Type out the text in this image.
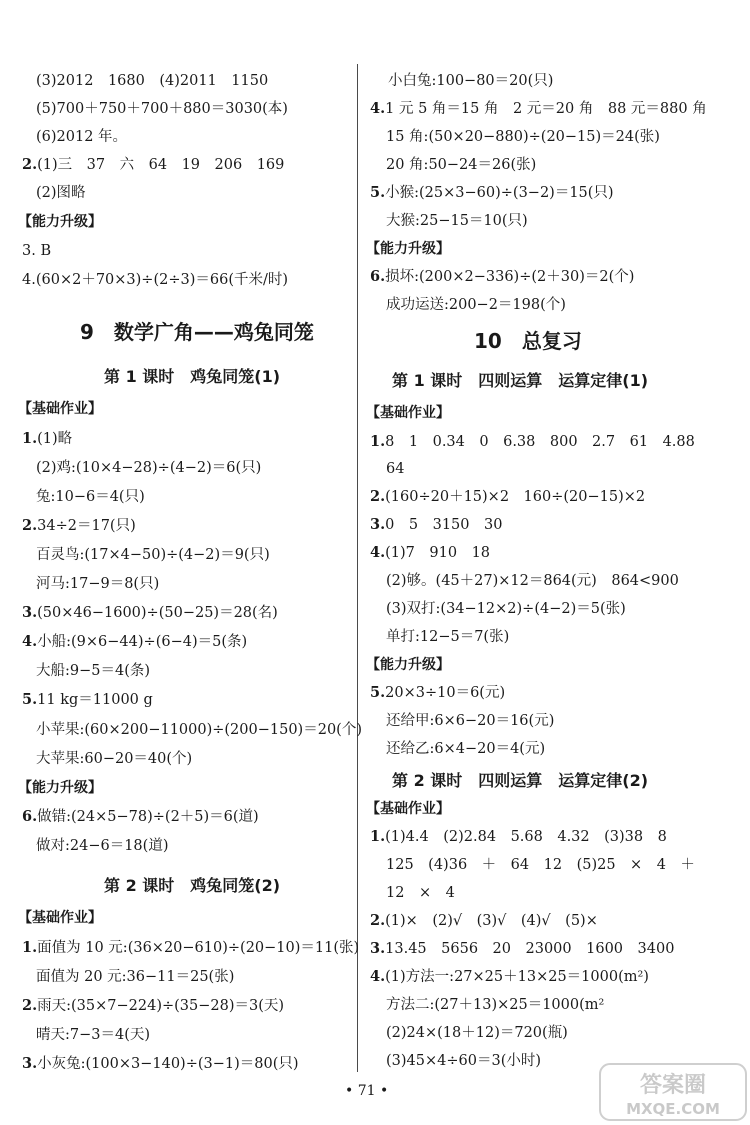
(3)2012　1680　(4)2011　1150
(5)700＋750＋700＋880＝3030(本)
(6)2012 年。
2.(1)三　37　六　64　19　206　169
(2)图略
【能力升级】
3. B
4.(60×2＋70×3)÷(2÷3)＝66(千米/时)
9　数学广角——鸡兔同笼
第 1 课时　鸡兔同笼(1)
【基础作业】
1.(1)略
(2)鸡:(10×4−28)÷(4−2)＝6(只)
兔:10−6＝4(只)
2.34÷2＝17(只)
百灵鸟:(17×4−50)÷(4−2)＝9(只)
河马:17−9＝8(只)
3.(50×46−1600)÷(50−25)＝28(名)
4.小船:(9×6−44)÷(6−4)＝5(条)
大船:9−5＝4(条)
5.11 kg＝11000 g
小苹果:(60×200−11000)÷(200−150)＝20(个)
大苹果:60−20＝40(个)
【能力升级】
6.做错:(24×5−78)÷(2＋5)＝6(道)
做对:24−6＝18(道)
第 2 课时　鸡兔同笼(2)
【基础作业】
1.面值为 10 元:(36×20−610)÷(20−10)＝11(张)
面值为 20 元:36−11＝25(张)
2.雨天:(35×7−224)÷(35−28)＝3(天)
晴天:7−3＝4(天)
3.小灰兔:(100×3−140)÷(3−1)＝80(只)
小白兔:100−80＝20(只)
4.1 元 5 角＝15 角　2 元＝20 角　88 元＝880 角
15 角:(50×20−880)÷(20−15)＝24(张)
20 角:50−24＝26(张)
5.小猴:(25×3−60)÷(3−2)＝15(只)
大猴:25−15＝10(只)
【能力升级】
6.损坏:(200×2−336)÷(2＋30)＝2(个)
成功运送:200−2＝198(个)
10　总复习
第 1 课时　四则运算　运算定律(1)
【基础作业】
1.8　1　0.34　0　6.38　800　2.7　61　4.88
64
2.(160÷20＋15)×2　160÷(20−15)×2
3.0　5　3150　30
4.(1)7　910　18
(2)够。(45＋27)×12＝864(元)　864<900
(3)双打:(34−12×2)÷(4−2)＝5(张)
单打:12−5＝7(张)
【能力升级】
5.20×3÷10＝6(元)
还给甲:6×6−20＝16(元)
还给乙:6×4−20＝4(元)
第 2 课时　四则运算　运算定律(2)
【基础作业】
1.(1)4.4　(2)2.84　5.68　4.32　(3)38　8
125　(4)36　＋　64　12　(5)25　×　4　＋
12　×　4
2.(1)×　(2)√　(3)√　(4)√　(5)×
3.13.45　5656　20　23000　1600　3400
4.(1)方法一:27×25＋13×25＝1000(m²)
方法二:(27＋13)×25＝1000(m²
(2)24×(18＋12)＝720(瓶)
(3)45×4÷60＝3(小时)
• 71 •	答案圈
MXQE.COM
